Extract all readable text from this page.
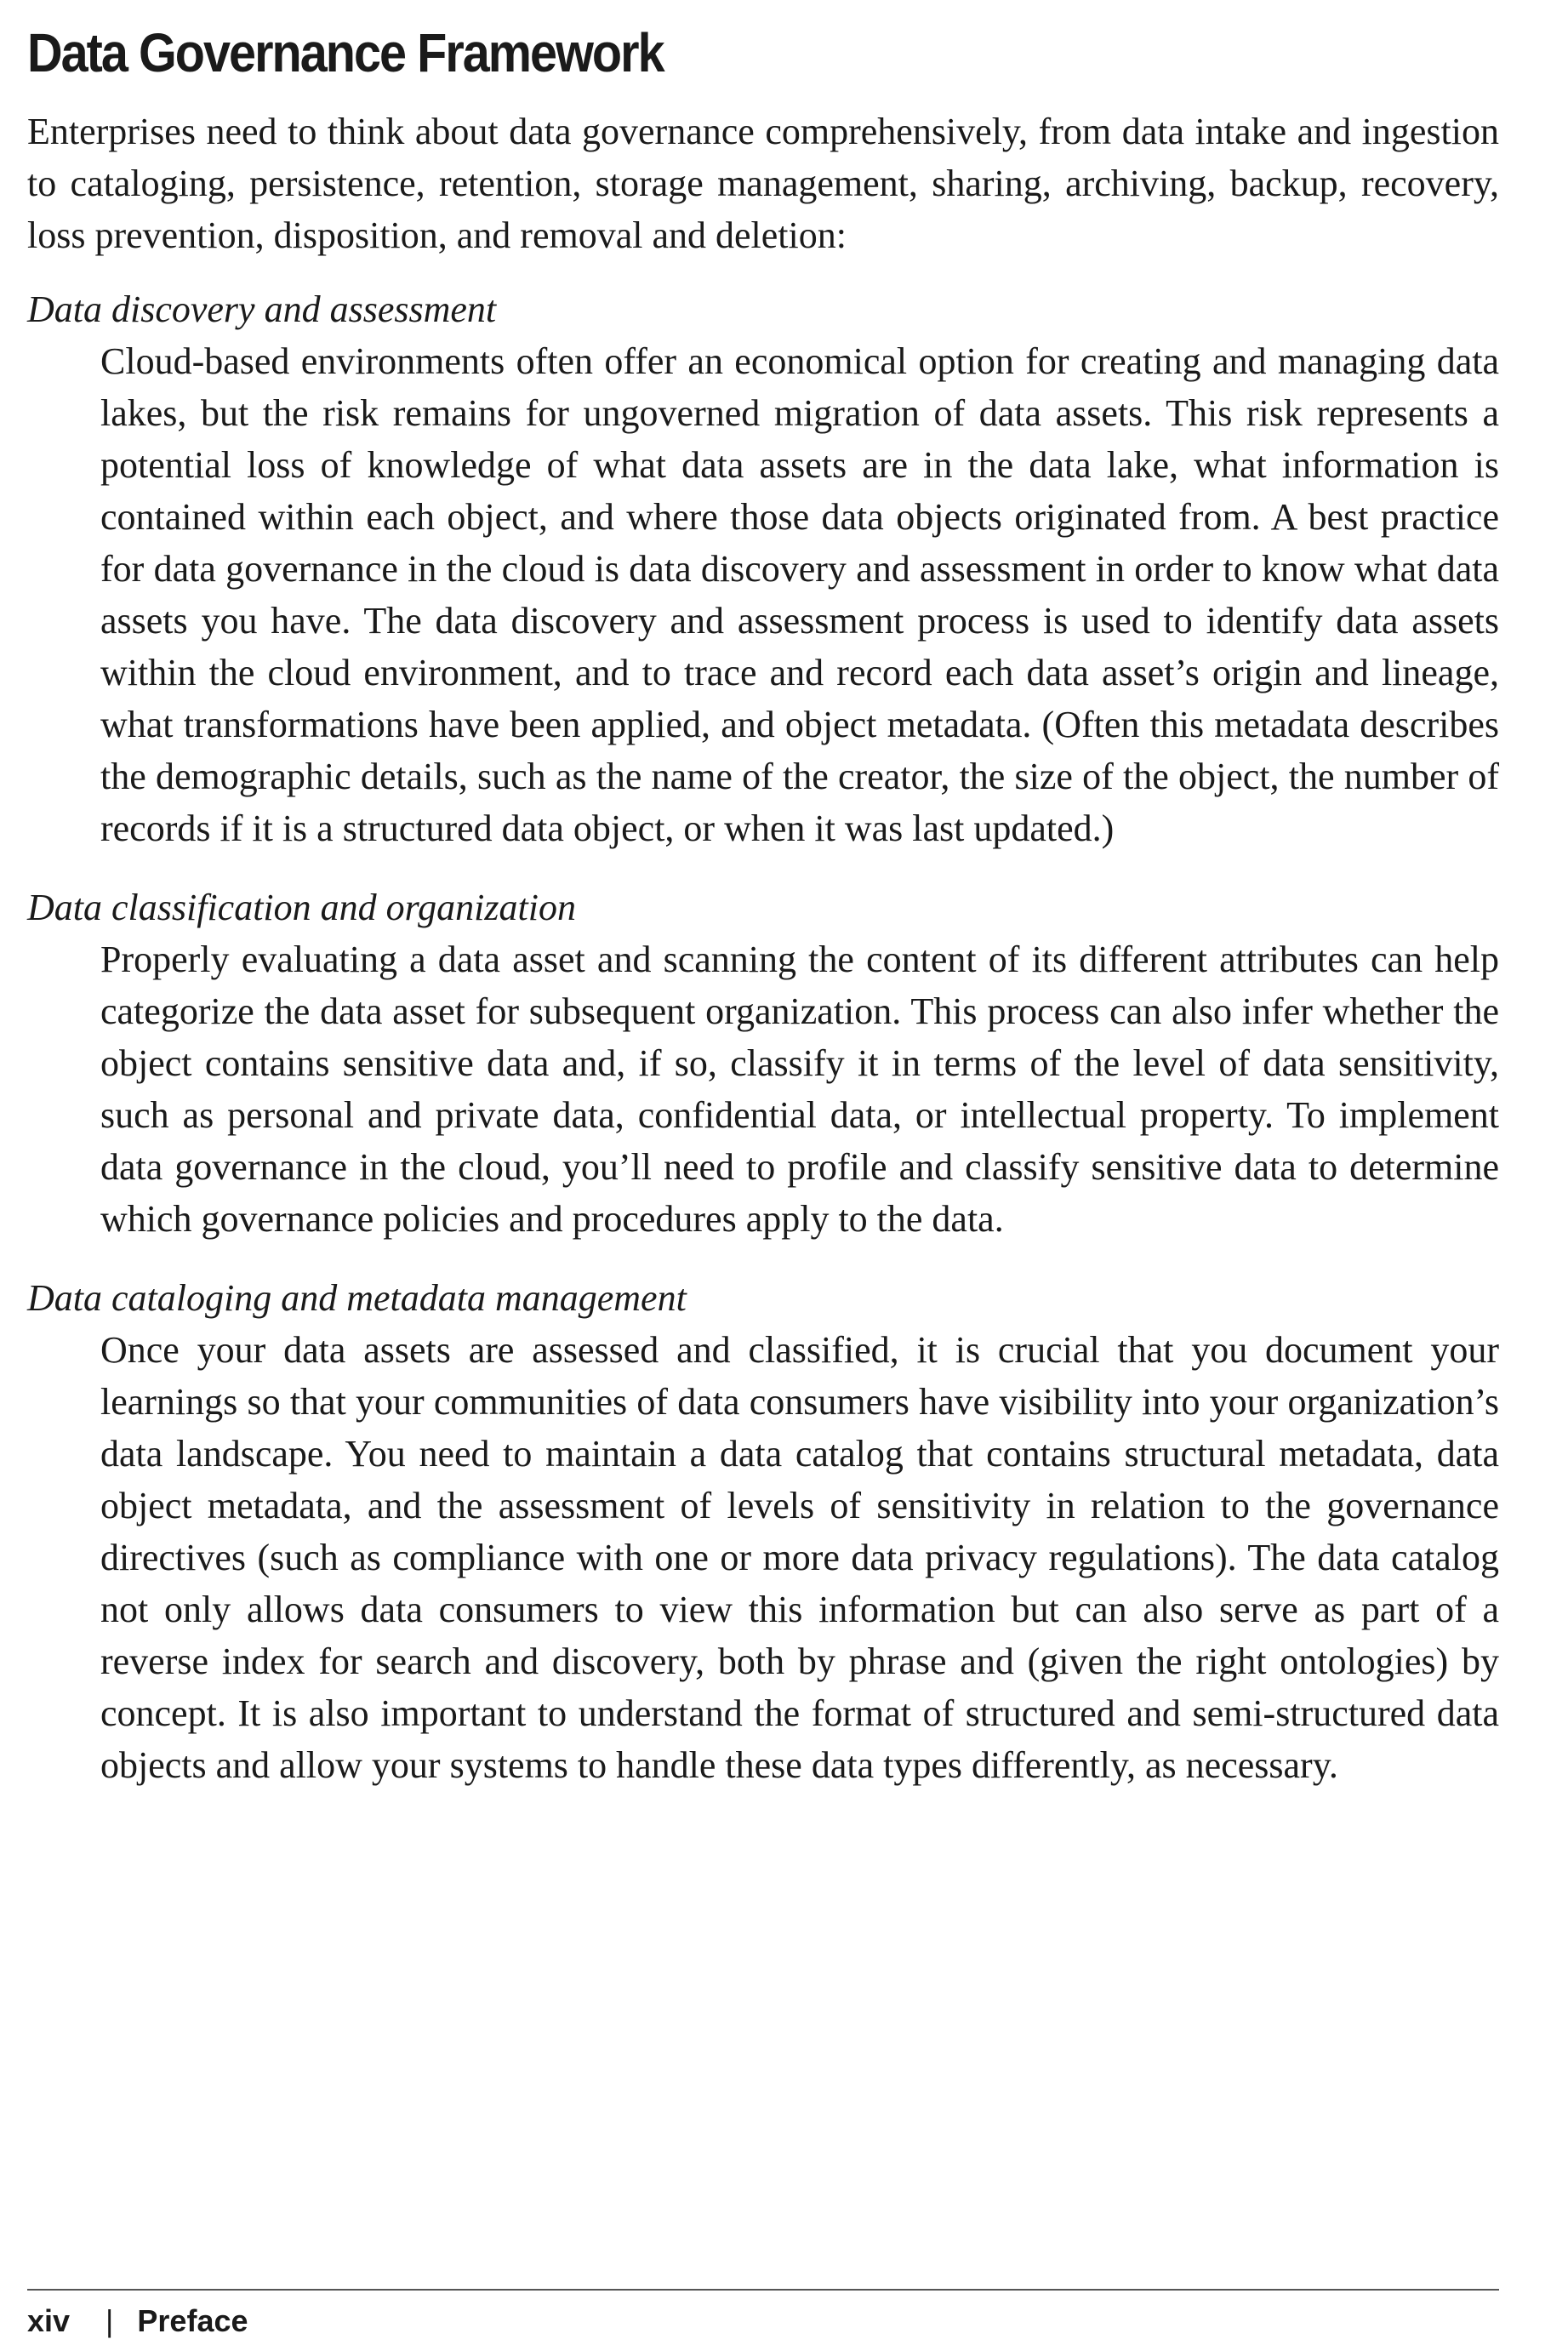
Data Governance Framework

Enterprises need to think about data governance comprehensively, from data intake and ingestion to cataloging, persistence, retention, storage management, sharing, archiving, backup, recovery, loss prevention, disposition, and removal and deletion:

Data discovery and assessment
Cloud-based environments often offer an economical option for creating and managing data lakes, but the risk remains for ungoverned migration of data assets. This risk represents a potential loss of knowledge of what data assets are in the data lake, what information is contained within each object, and where those data objects originated from. A best practice for data governance in the cloud is data discovery and assessment in order to know what data assets you have. The data discovery and assessment process is used to identify data assets within the cloud environment, and to trace and record each data asset’s origin and lineage, what transformations have been applied, and object metadata. (Often this metadata describes the demographic details, such as the name of the creator, the size of the object, the number of records if it is a structured data object, or when it was last updated.)
Data classification and organization
Properly evaluating a data asset and scanning the content of its different attributes can help categorize the data asset for subsequent organization. This process can also infer whether the object contains sensitive data and, if so, classify it in terms of the level of data sensitivity, such as personal and private data, confidential data, or intellectual property. To implement data governance in the cloud, you’ll need to profile and classify sensitive data to determine which governance policies and procedures apply to the data.
Data cataloging and metadata management
Once your data assets are assessed and classified, it is crucial that you document your learnings so that your communities of data consumers have visibility into your organization’s data landscape. You need to maintain a data catalog that contains structural metadata, data object metadata, and the assessment of levels of sensitivity in relation to the governance directives (such as compliance with one or more data privacy regulations). The data catalog not only allows data consumers to view this information but can also serve as part of a reverse index for search and discovery, both by phrase and (given the right ontologies) by concept. It is also important to understand the format of structured and semi-structured data objects and allow your systems to handle these data types differently, as necessary.
xiv | Preface
